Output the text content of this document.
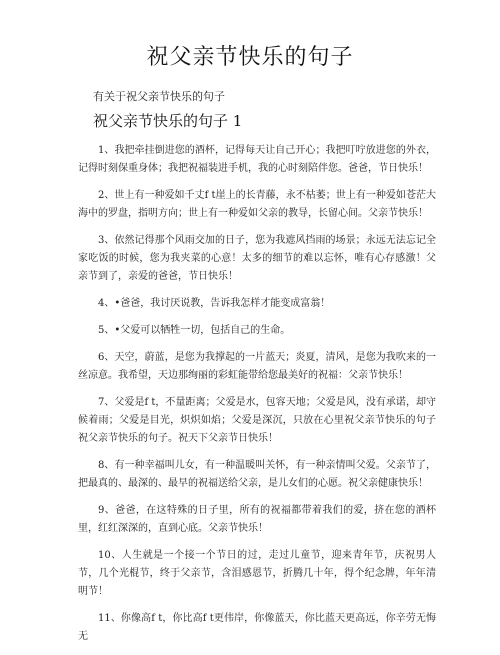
祝父亲节快乐的句子
有关于祝父亲节快乐的句子
祝父亲节快乐的句子 1

1、我把牵挂倒进您的酒杯，记得每天让自己开心；我把叮咛放进您的外衣，记得时刻保重身体；我把祝福装进手机，我的心时刻陪伴您。爸爸，节日快乐！

2、世上有一种爱如千丈f t崖上的长青藤，永不枯萎；世上有一种爱如苍茫大海中的罗盘，指明方向；世上有一种爱如父亲的教导，长留心间。父亲节快乐！

3、依然记得那个风雨交加的日子，您为我遮风挡雨的场景；永远无法忘记全家吃饭的时候，您为我夹菜的心意！太多的细节的难以忘怀，唯有心存感激！父亲节到了，亲爱的爸爸，节日快乐！

4、•爸爸，我讨厌说教，告诉我怎样才能变成富翁！

5、•父爱可以牺牲一切，包括自己的生命。

6、天空，蔚蓝，是您为我撑起的一片蓝天；炎夏，清风，是您为我吹来的一丝凉意。我希望，天边那绚丽的彩虹能带给您最美好的祝福：父亲节快乐！

7、父爱是f t，不量距离；父爱是水，包容天地；父爱是风，没有承诺，却守候着雨；父爱是目光，炽炽如焰；父爱是深沉，只放在心里祝父亲节快乐的句子祝父亲节快乐的句子。祝天下父亲节日快乐！

8、有一种幸福叫儿女，有一种温暖叫关怀，有一种亲情叫父爱。父亲节了，把最真的、最深的、最早的祝福送给父亲，是儿女们的心愿。祝父亲健康快乐！

9、爸爸，在这特殊的日子里，所有的祝福都带着我们的爱，挤在您的酒杯里，红红深深的，直到心底。父亲节快乐！

10、人生就是一个接一个节日的过，走过儿童节，迎来青年节，庆祝男人节，几个光棍节，终于父亲节，含泪感恩节，折腾几十年，得个纪念牌，年年清明节！

11、你像高f t，你比高f t更伟岸，你像蓝天，你比蓝天更高远，你辛劳无悔无
